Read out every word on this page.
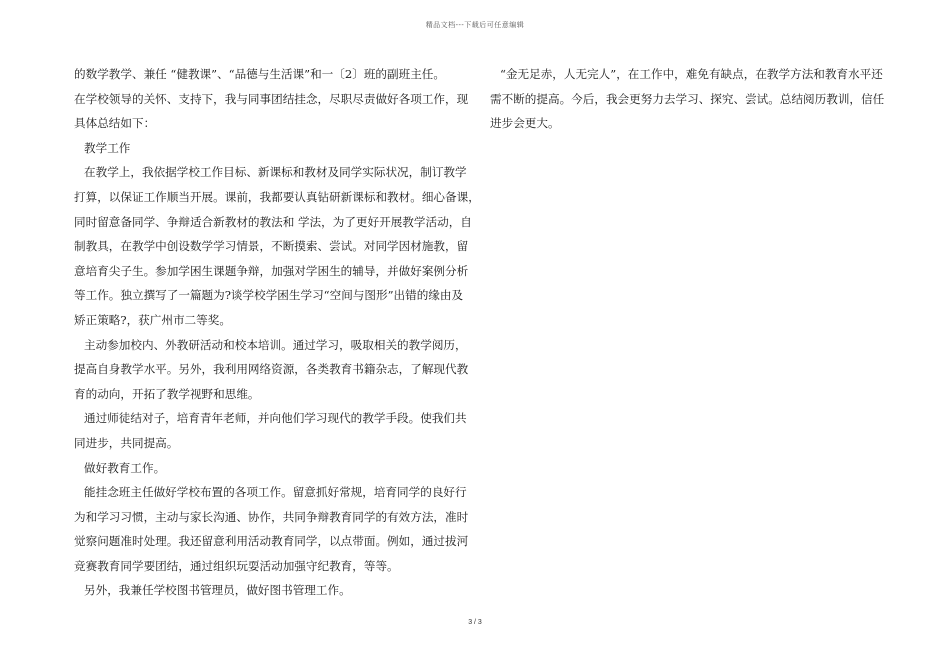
精品文档---下载后可任意编辑
的数学教学、兼任 “健教课”、“品德与生活课”和一〔2〕班的副班主任。
在学校领导的关怀、支持下，我与同事团结挂念，尽职尽责做好各项工作，现
具体总结如下：
教学工作
在教学上，我依据学校工作目标、新课标和教材及同学实际状况，制订教学
打算，以保证工作顺当开展。课前，我都要认真钻研新课标和教材。细心备课，
同时留意备同学、争辩适合新教材的教法和 学法，为了更好开展教学活动，自
制教具，在教学中创设数学学习情景，不断摸索、尝试。对同学因材施教，留
意培育尖子生。参加学困生课题争辩，加强对学困生的辅导，并做好案例分析
等工作。独立撰写了一篇题为?谈学校学困生学习“空间与图形”出错的缘由及
矫正策略?，获广州市二等奖。
主动参加校内、外教研活动和校本培训。通过学习，吸取相关的教学阅历，
提高自身教学水平。另外，我利用网络资源，各类教育书籍杂志，了解现代教
育的动向，开拓了教学视野和思维。
通过师徒结对子，培育青年老师，并向他们学习现代的教学手段。使我们共
同进步，共同提高。
做好教育工作。
能挂念班主任做好学校布置的各项工作。留意抓好常规，培育同学的良好行
为和学习习惯，主动与家长沟通、协作，共同争辩教育同学的有效方法，准时
觉察问题准时处理。我还留意利用活动教育同学，以点带面。例如，通过拔河
竞赛教育同学要团结，通过组织玩耍活动加强守纪教育，等等。
另外，我兼任学校图书管理员，做好图书管理工作。
“金无足赤，人无完人”，在工作中，难免有缺点，在教学方法和教育水平还
需不断的提高。今后，我会更努力去学习、探究、尝试。总结阅历教训，信任
进步会更大。
3 / 3
